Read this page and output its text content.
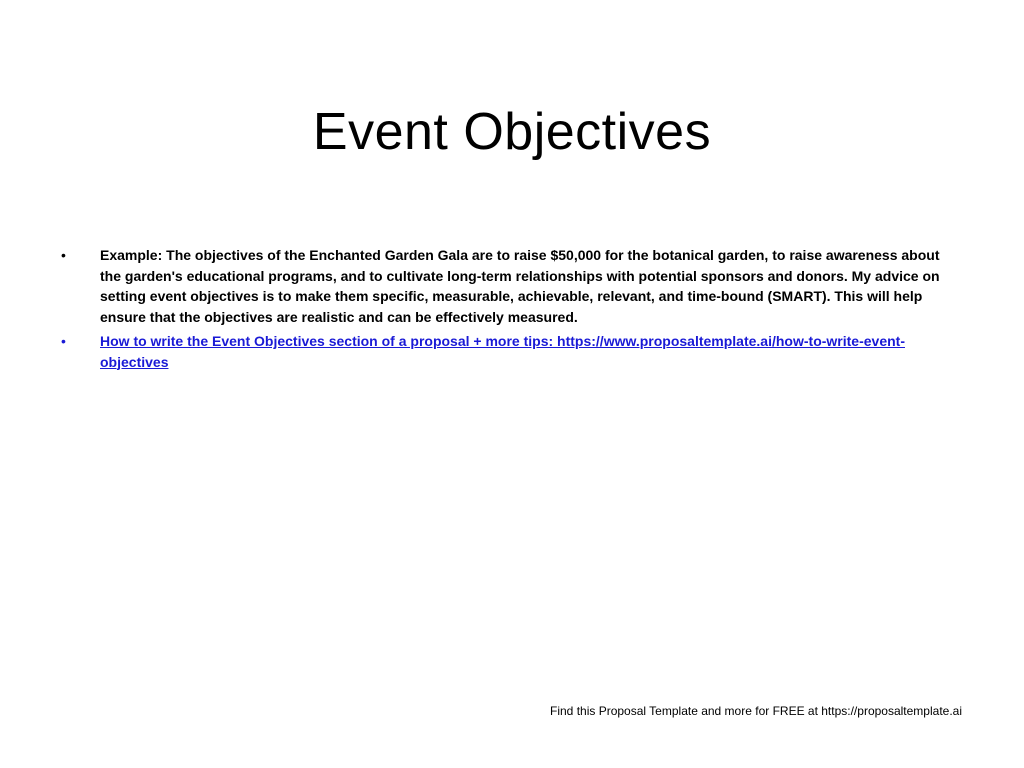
Event Objectives
• Example: The objectives of the Enchanted Garden Gala are to raise $50,000 for the botanical garden, to raise awareness about the garden's educational programs, and to cultivate long-term relationships with potential sponsors and donors. My advice on setting event objectives is to make them specific, measurable, achievable, relevant, and time-bound (SMART). This will help ensure that the objectives are realistic and can be effectively measured.
• How to write the Event Objectives section of a proposal + more tips: https://www.proposaltemplate.ai/how-to-write-event-objectives
Find this Proposal Template and more for FREE at https://proposaltemplate.ai
